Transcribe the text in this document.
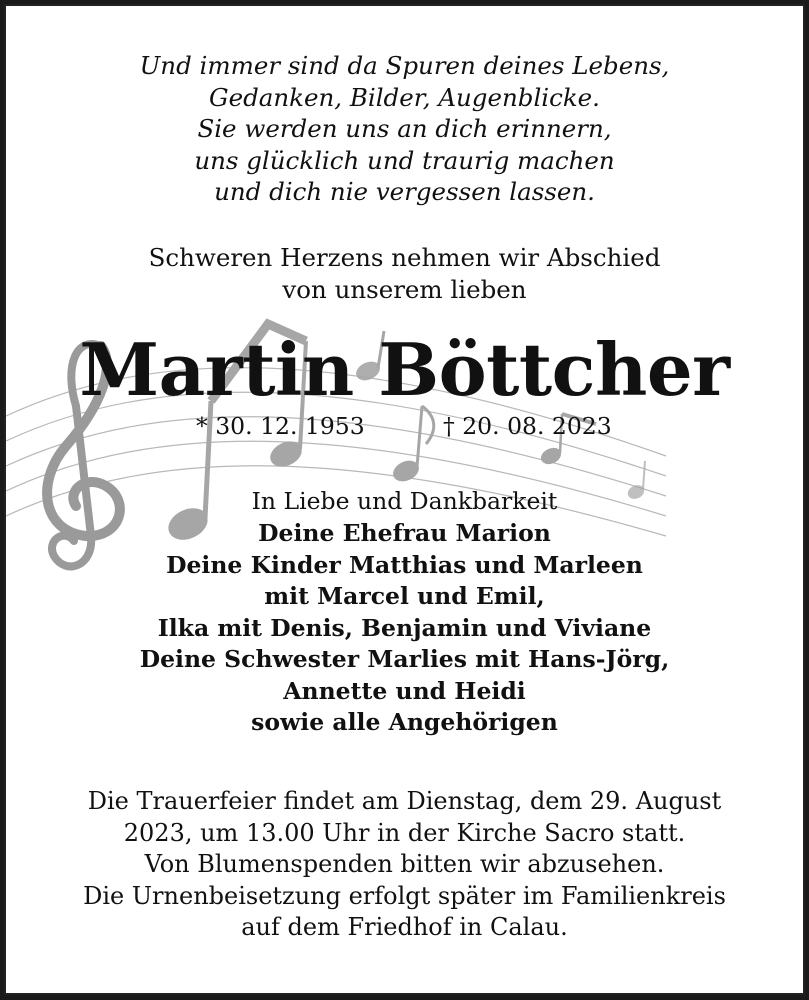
Und immer sind da Spuren deines Lebens,
Gedanken, Bilder, Augenblicke.
Sie werden uns an dich erinnern,
uns glücklich und traurig machen
und dich nie vergessen lassen.
Schweren Herzens nehmen wir Abschied
von unserem lieben
Martin Böttcher
* 30. 12. 1953	† 20. 08. 2023
In Liebe und Dankbarkeit
Deine Ehefrau Marion
Deine Kinder Matthias und Marleen
mit Marcel und Emil,
Ilka mit Denis, Benjamin und Viviane
Deine Schwester Marlies mit Hans-Jörg,
Annette und Heidi
sowie alle Angehörigen
Die Trauerfeier findet am Dienstag, dem 29. August
2023, um 13.00 Uhr in der Kirche Sacro statt.
Von Blumenspenden bitten wir abzusehen.
Die Urnenbeisetzung erfolgt später im Familienkreis
auf dem Friedhof in Calau.
